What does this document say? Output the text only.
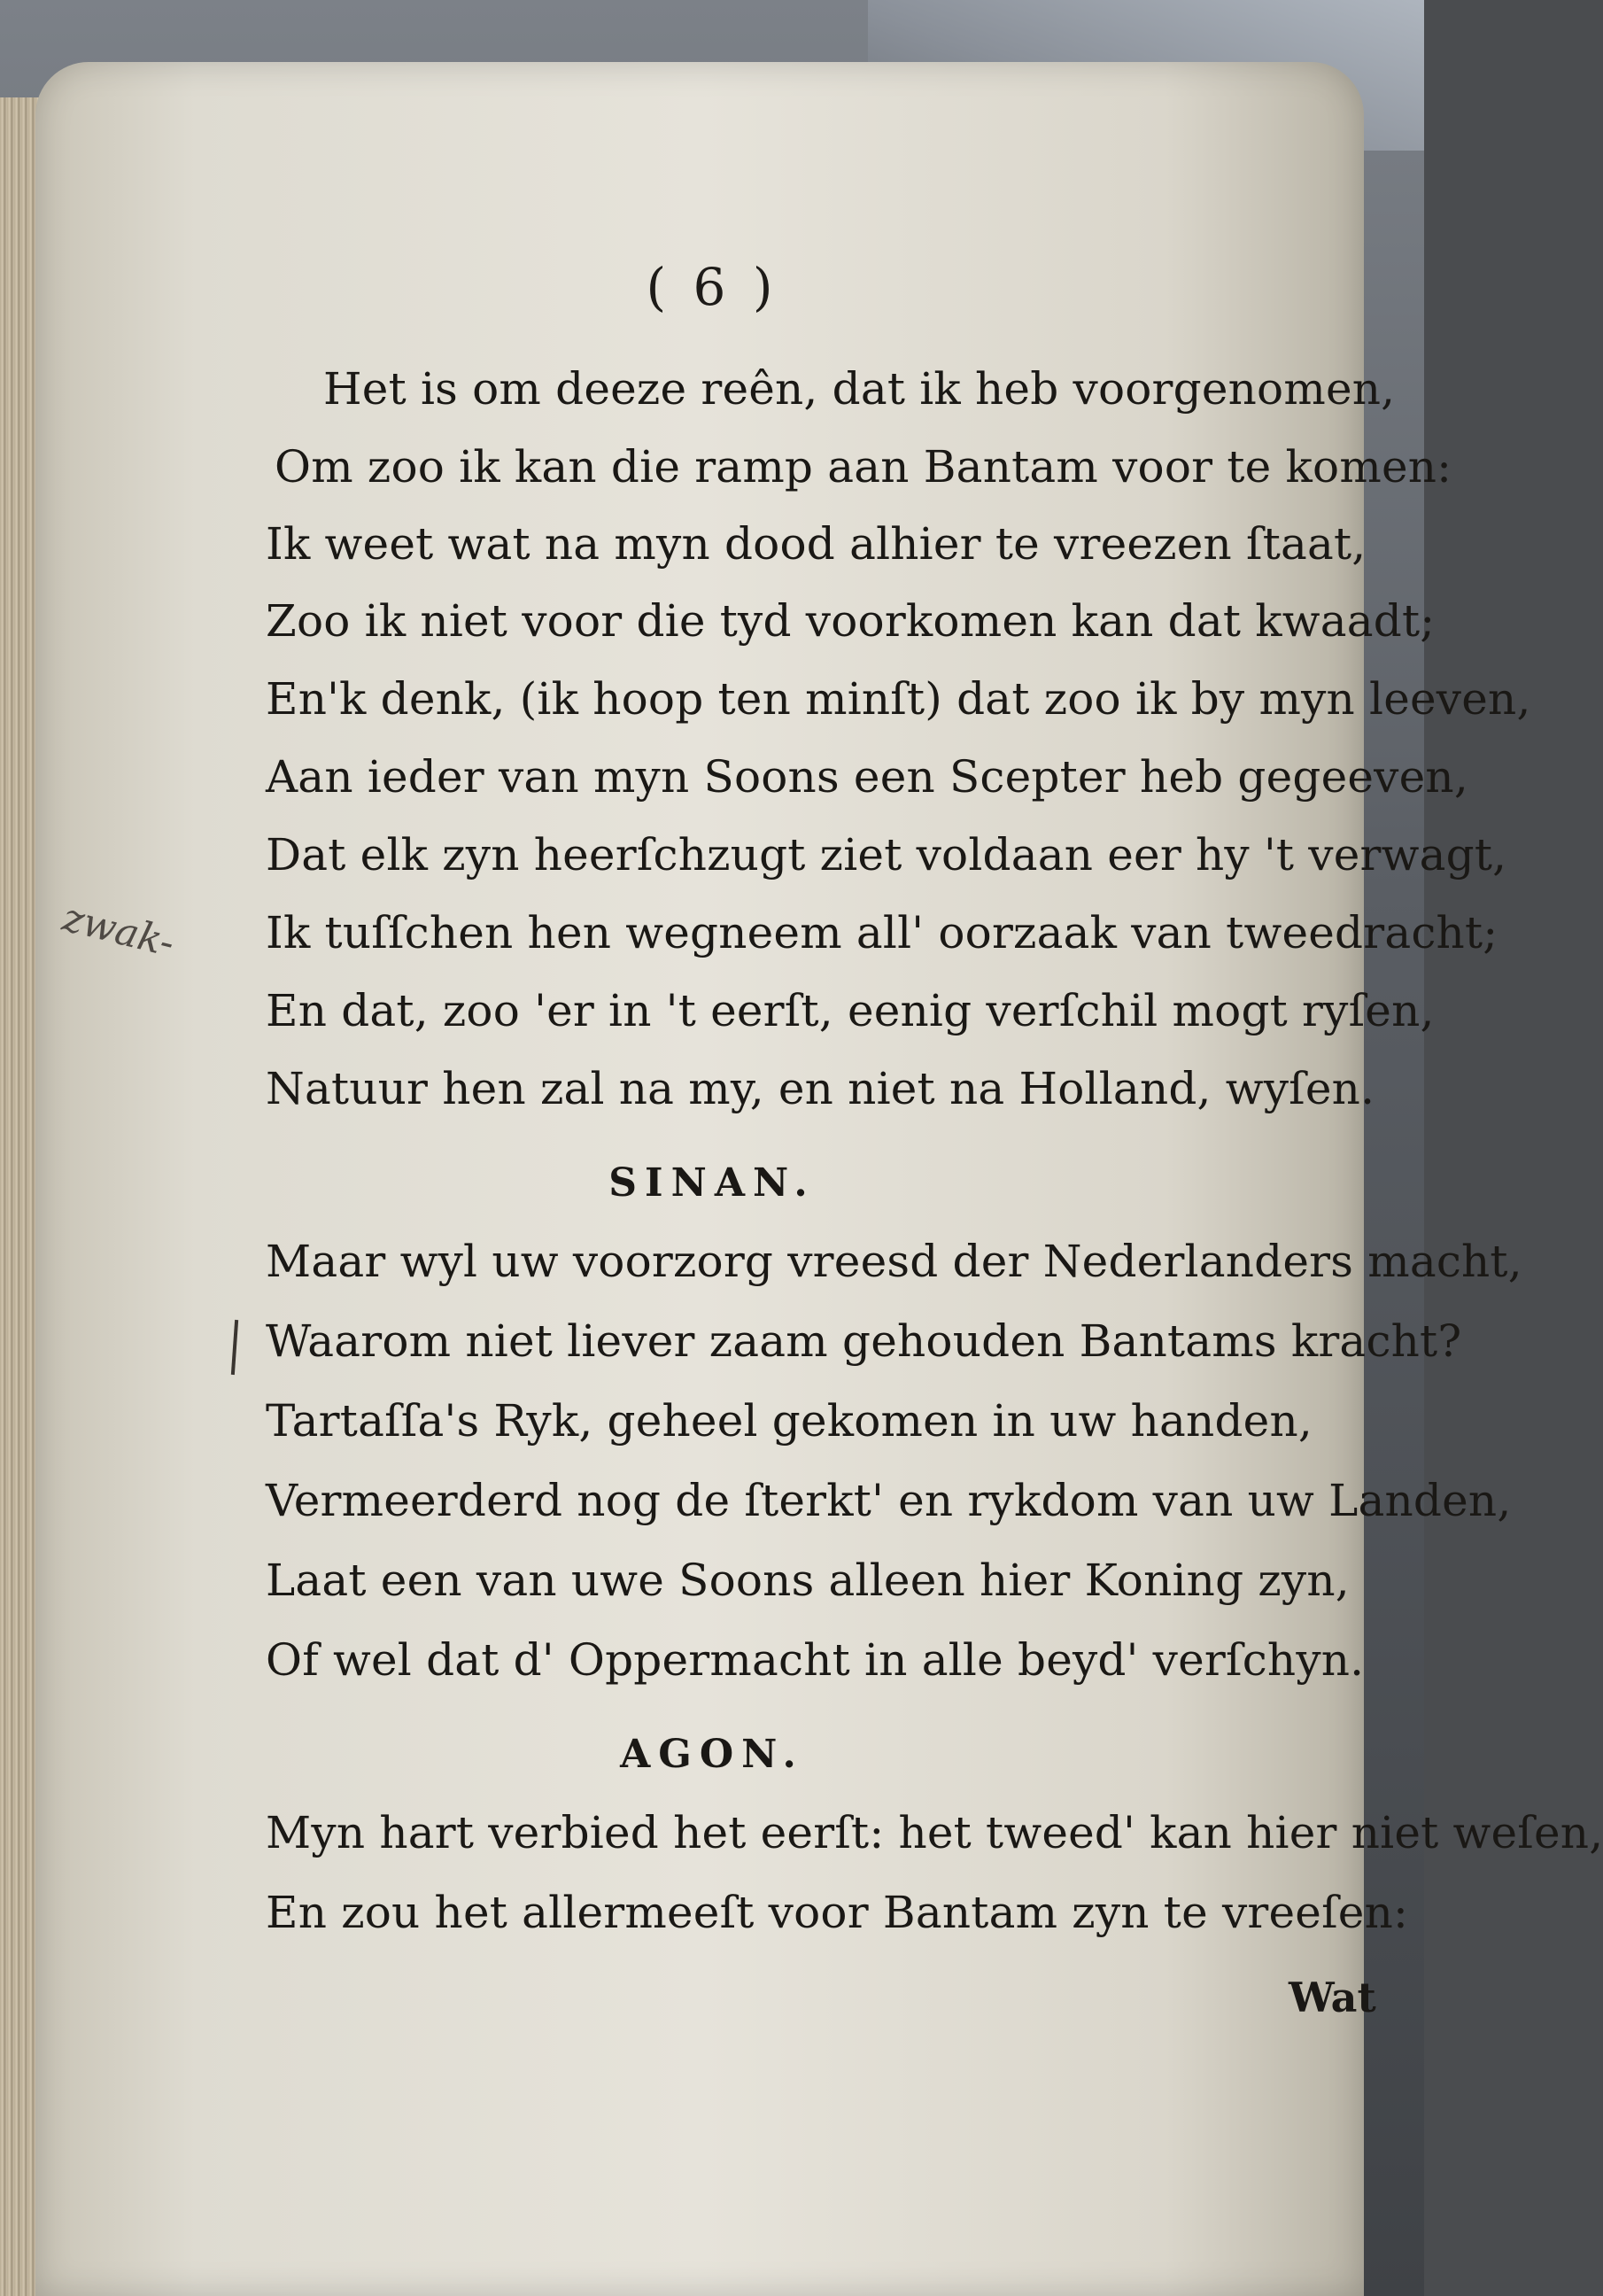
( 6 )
Het is om deeze reên, dat ik heb voorgenomen,
Om zoo ik kan die ramp aan Bantam voor te komen:
Ik weet wat na myn dood alhier te vreezen ſtaat,
Zoo ik niet voor die tyd voorkomen kan dat kwaadt;
En'k denk, (ik hoop ten minſt) dat zoo ik by myn leeven,
Aan ieder van myn Soons een Scepter heb gegeeven,
Dat elk zyn heerſchzugt ziet voldaan eer hy 't verwagt,
Ik tuſſchen hen wegneem all' oorzaak van tweedracht;
En dat, zoo 'er in 't eerſt, eenig verſchil mogt ryſen,
Natuur hen zal na my, en niet na Holland, wyſen.
SINAN.
Maar wyl uw voorzorg vreesd der Nederlanders macht,
Waarom niet liever zaam gehouden Bantams kracht?
Tartaſſa's Ryk, geheel gekomen in uw handen,
Vermeerderd nog de ſterkt' en rykdom van uw Landen,
Laat een van uwe Soons alleen hier Koning zyn,
Of wel dat d' Oppermacht in alle beyd' verſchyn.
AGON.
Myn hart verbied het eerſt: het tweed' kan hier niet weſen,
En zou het allermeeſt voor Bantam zyn te vreeſen:
Wat
zwak-
